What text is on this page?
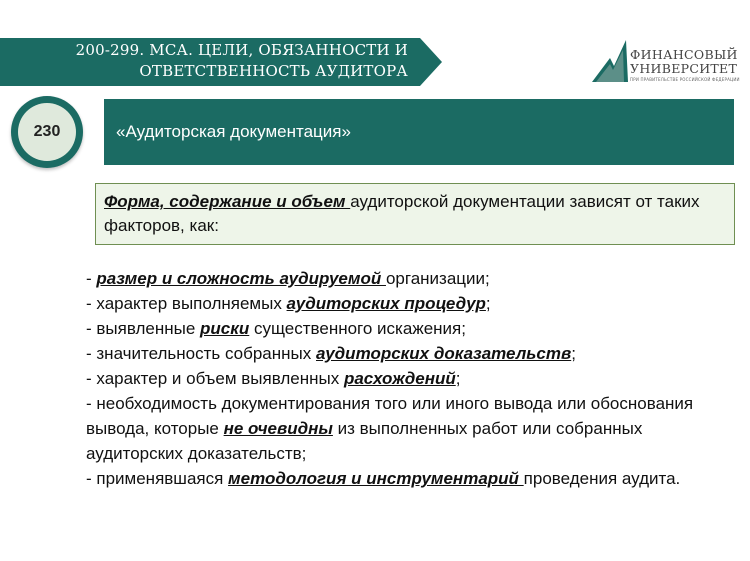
200-299. МСА. ЦЕЛИ, ОБЯЗАННОСТИ И
ОТВЕТСТВЕННОСТЬ АУДИТОРА
ФИНАНСОВЫЙ
УНИВЕРСИТЕТ
ПРИ ПРАВИТЕЛЬСТВЕ РОССИЙСКОЙ ФЕДЕРАЦИИ
230	«Аудиторская документация»
Форма, содержание и объем аудиторской документации зависят от таких факторов, как:

- размер и сложность аудируемой организации;

- характер выполняемых аудиторских процедур;

- выявленные риски существенного искажения;

- значительность собранных аудиторских доказательств;

- характер и объем выявленных расхождений;

- необходимость документирования того или иного вывода или обоснования вывода, которые не очевидны из выполненных работ или собранных аудиторских доказательств;

- применявшаяся методология и инструментарий проведения аудита.
